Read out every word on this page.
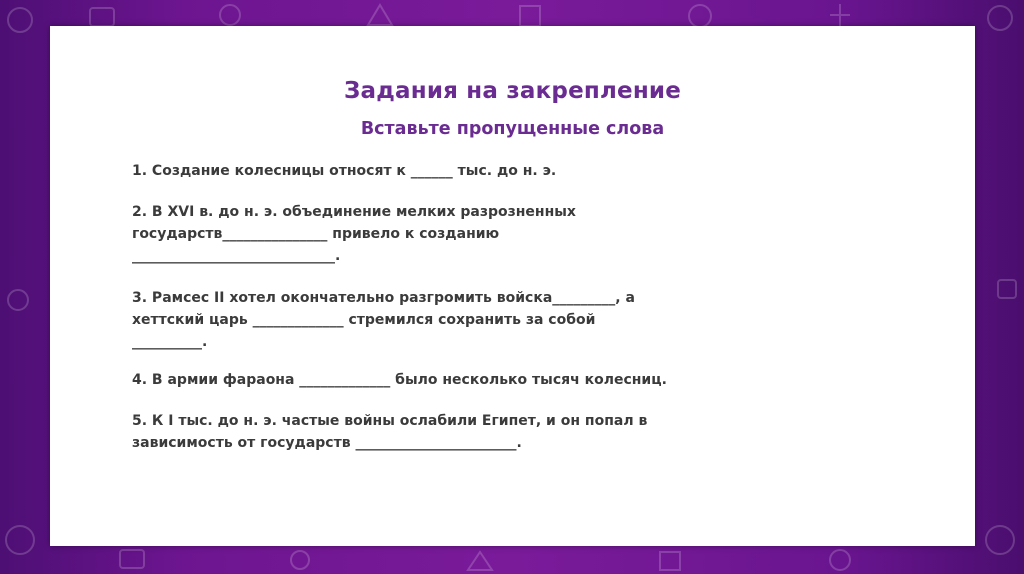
Задания на закрепление
Вставьте пропущенные слова
1. Создание колесницы относят к ______ тыс. до н. э.
2. В XVI в. до н. э. объединение мелких разрозненных
государств_______________ привело к созданию
_____________________________.
3. Рамсес II хотел окончательно разгромить войска_________, а
хеттский царь _____________ стремился сохранить за собой
__________.
4. В армии фараона _____________ было несколько тысяч колесниц.
5. К I тыс. до н. э. частые войны ослабили Египет, и он попал в
зависимость от государств _______________________.
